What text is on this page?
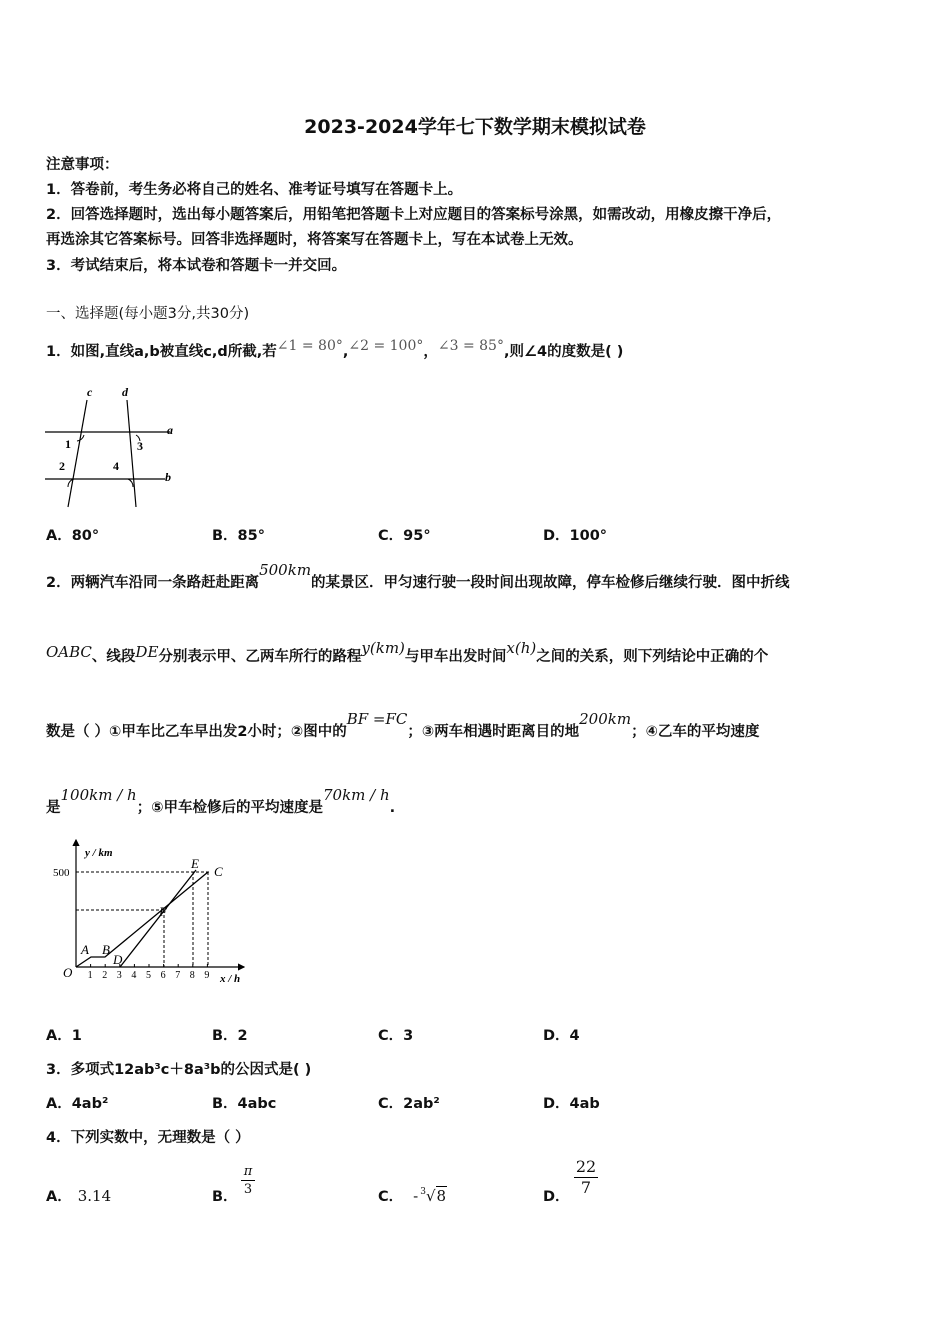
2023-2024学年七下数学期末模拟试卷
注意事项：
1．答卷前，考生务必将自己的姓名、准考证号填写在答题卡上。
2．回答选择题时，选出每小题答案后，用铅笔把答题卡上对应题目的答案标号涂黑，如需改动，用橡皮擦干净后，
再选涂其它答案标号。回答非选择题时，将答案写在答题卡上，写在本试卷上无效。
3．考试结束后，将本试卷和答题卡一并交回。
一、选择题(每小题3分,共30分)
1．如图,直线a,b被直线c,d所截,若∠1 = 80°,∠2 = 100°，∠3 = 85°,则∠4的度数是( )
c d
a
b
1	3
2	4
A．80°	B．85°	C．95°	D．100°
2．两辆汽车沿同一条路赶赴距离500km的某景区．甲匀速行驶一段时间出现故障，停车检修后继续行驶．图中折线
OABC、线段DE分别表示甲、乙两车所行的路程y(km)与甲车出发时间x(h)之间的关系，则下列结论中正确的个
数是（ ）①甲车比乙车早出发2小时；②图中的BF =FC；③两车相遇时距离目的地200km；④乙车的平均速度
是100km / h；⑤甲车检修后的平均速度是70km / h.
y / km
x / h
500
O 1 2 3 4 5 6 7 8 9
A B
D
F
E
C
A．1	B．2	C．3	D．4
3．多项式12ab³c＋8a³b的公因式是( )
A．4ab²	B．4abc	C．2ab²	D．4ab
4．下列实数中，无理数是（ ）
A． 3.14	B．
π
3	C． - $^3$√8	D．
22
7
